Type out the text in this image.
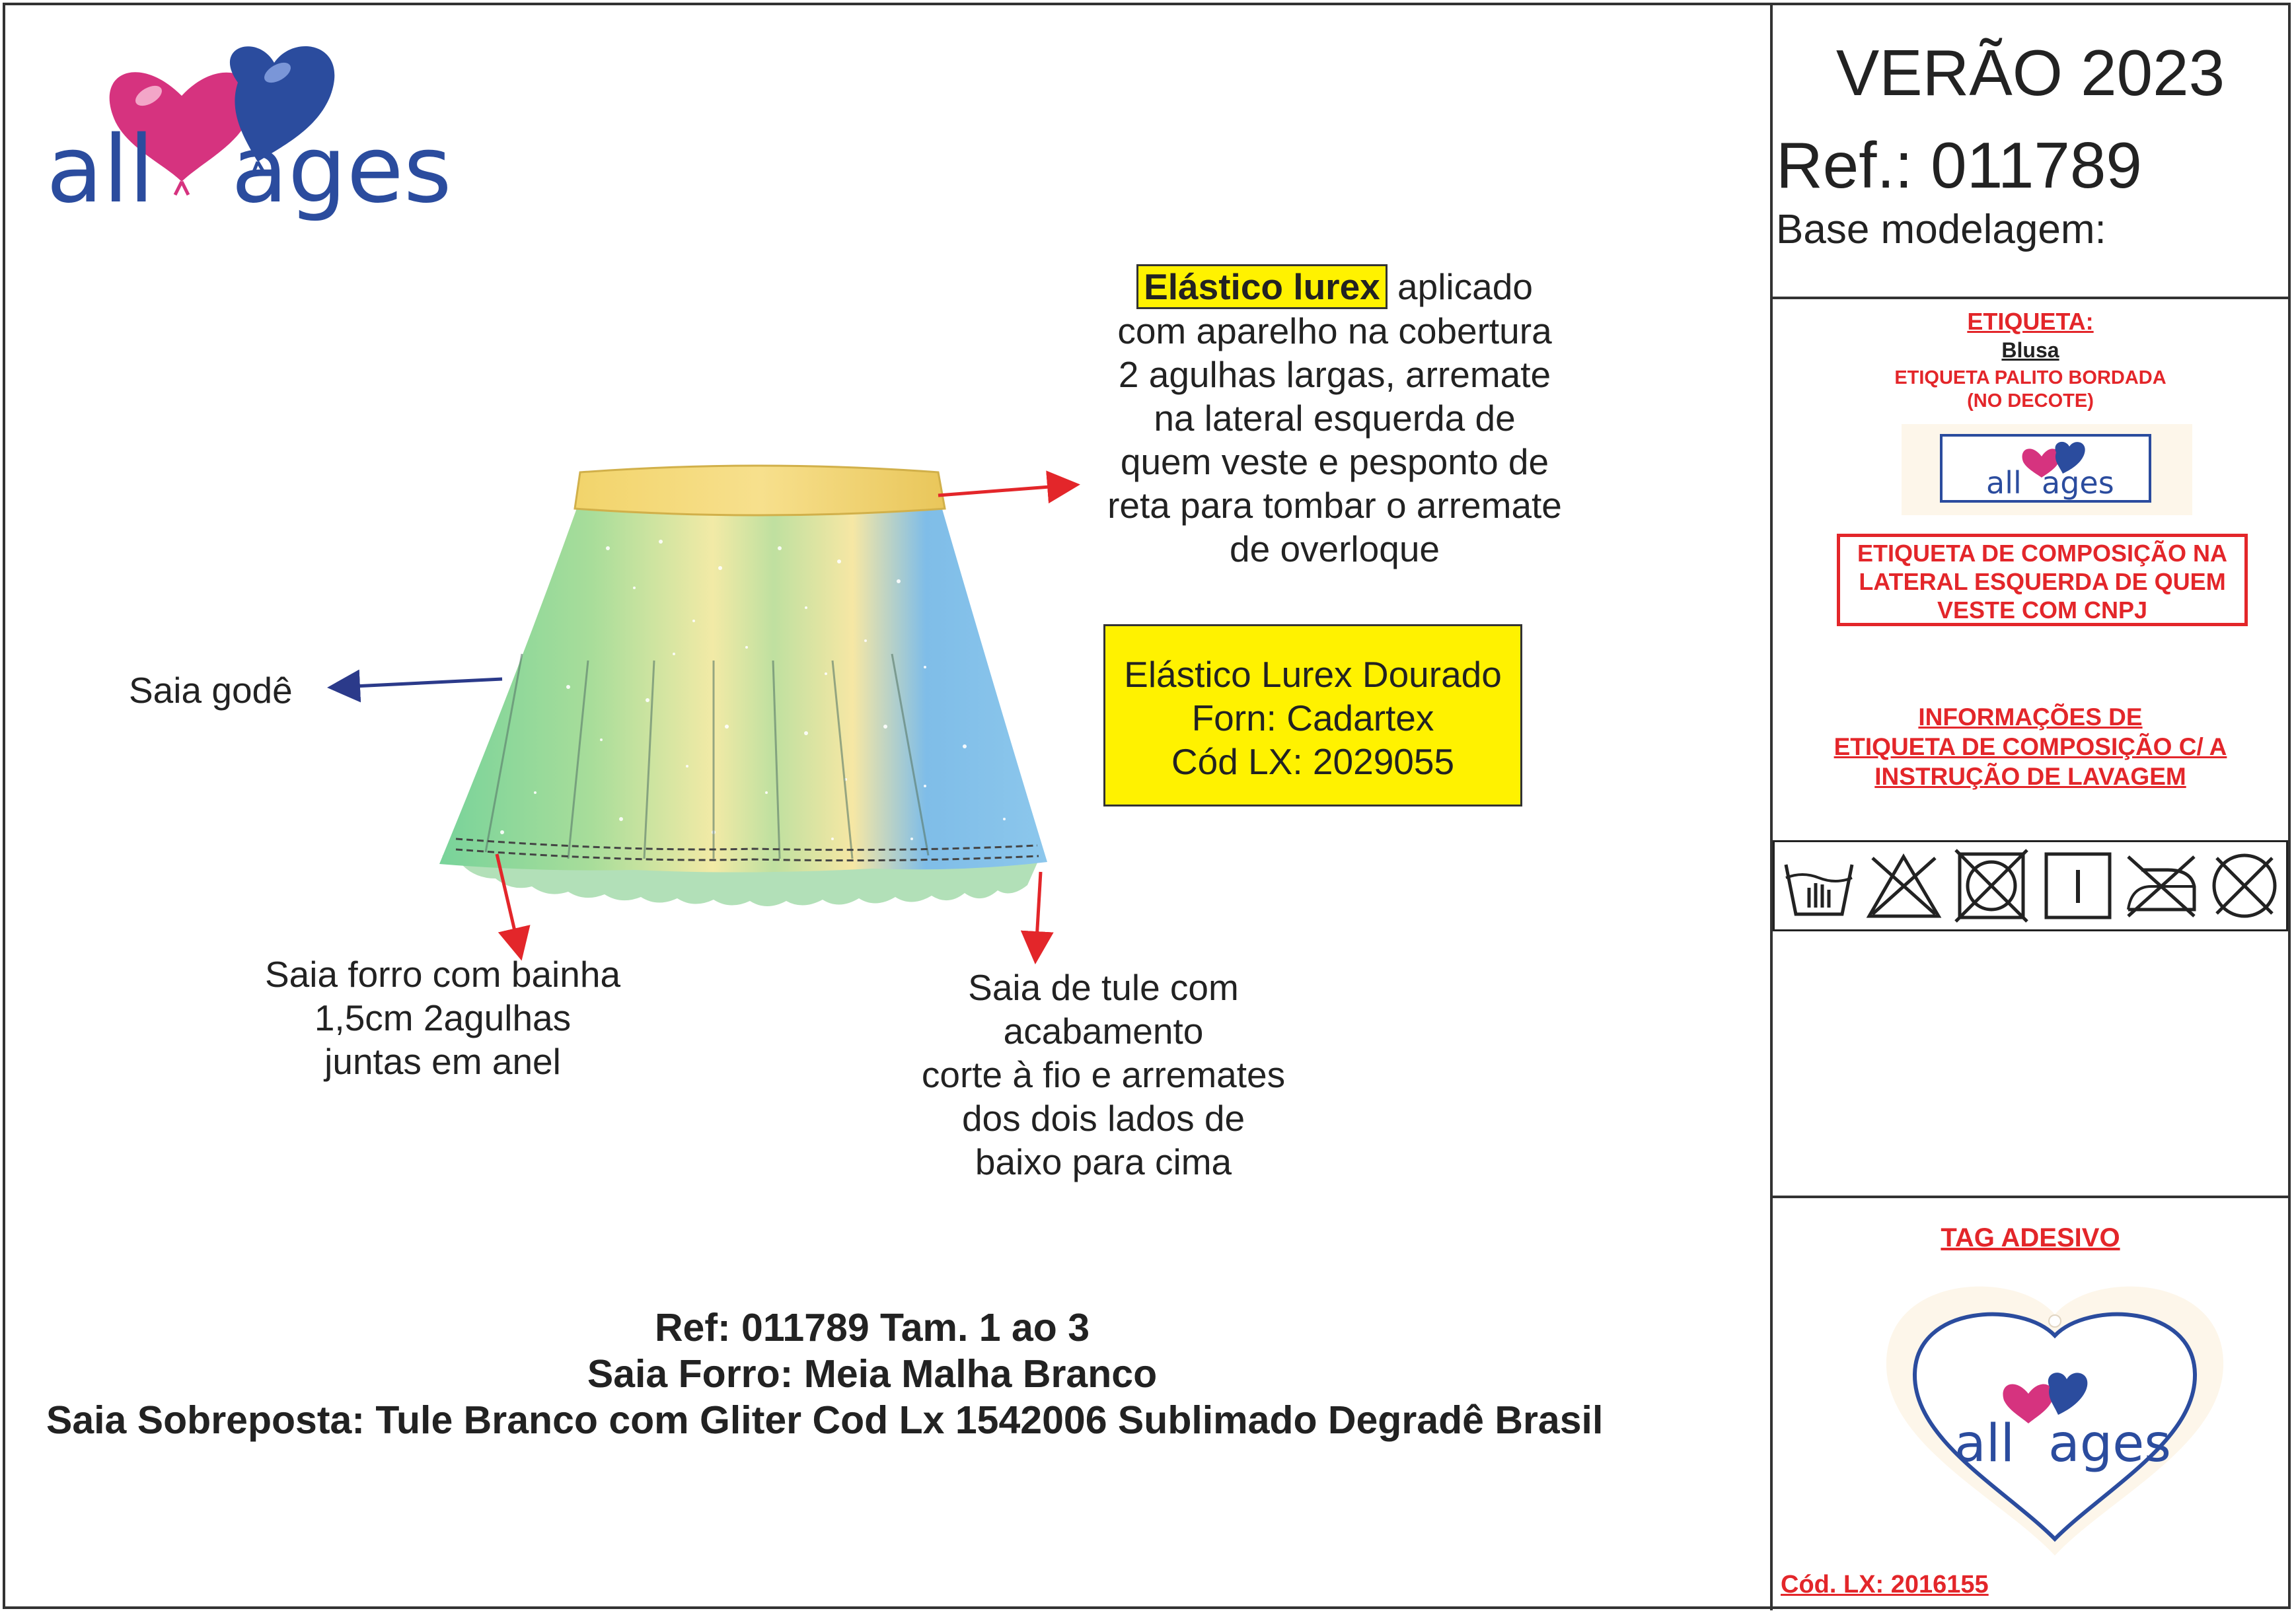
all ages
VERÃO 2023
Ref.: 011789
Base modelagem:
ETIQUETA:
Blusa
ETIQUETA PALITO BORDADA
(NO DECOTE)
all ages
ETIQUETA DE COMPOSIÇÃO NA
LATERAL ESQUERDA DE QUEM
VESTE COM CNPJ
INFORMAÇÕES DE
ETIQUETA DE COMPOSIÇÃO C/ A
INSTRUÇÃO DE LAVAGEM
TAG ADESIVO
all ages
Cód. LX: 2016155
Elástico lurex aplicado
com aparelho na cobertura
2 agulhas largas, arremate
na lateral esquerda de
quem veste e pesponto de
reta para tombar o arremate
de overloque
Elástico Lurex Dourado
Forn: Cadartex
Cód LX: 2029055
Saia godê
Saia forro com bainha
1,5cm 2agulhas
juntas em anel
Saia de tule com
acabamento
corte à fio e arremates
dos dois lados de
baixo para cima
Ref: 011789 Tam. 1 ao 3
Saia Forro: Meia Malha Branco
Saia Sobreposta: Tule Branco com Gliter Cod Lx 1542006 Sublimado Degradê Brasil
